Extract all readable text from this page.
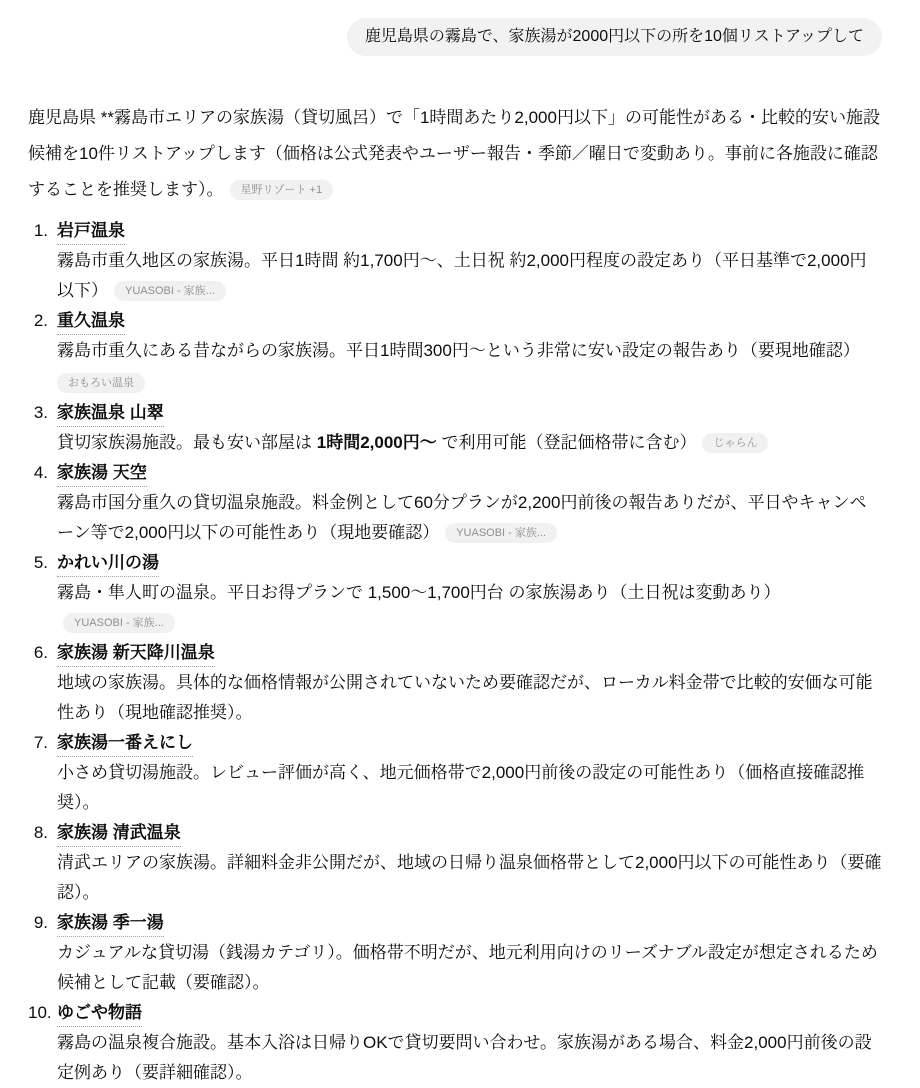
鹿児島県の霧島で、家族湯が2000円以下の所を10個リストアップして

鹿児島県 **霧島市エリアの家族湯（貸切風呂）で「1時間あたり2,000円以下」の可能性がある・比較的安い施設候補を10件リストアップします（価格は公式発表やユーザー報告・季節／曜日で変動あり。事前に各施設に確認することを推奨します）。 星野リゾート +1

1. 岩戸温泉
霧島市重久地区の家族湯。平日1時間 約1,700円〜、土日祝 約2,000円程度の設定あり（平日基準で2,000円以下） YUASOBI - 家族...
2. 重久温泉
霧島市重久にある昔ながらの家族湯。平日1時間300円〜という非常に安い設定の報告あり（要現地確認）
おもろい温泉
3. 家族温泉 山翠
貸切家族湯施設。最も安い部屋は 1時間2,000円〜 で利用可能（登記価格帯に含む） じゃらん
4. 家族湯 天空
霧島市国分重久の貸切温泉施設。料金例として60分プランが2,200円前後の報告ありだが、平日やキャンペーン等で2,000円以下の可能性あり（現地要確認） YUASOBI - 家族...
5. かれい川の湯
霧島・隼人町の温泉。平日お得プランで 1,500〜1,700円台 の家族湯あり（土日祝は変動あり）YUASOBI - 家族...
6. 家族湯 新天降川温泉
地域の家族湯。具体的な価格情報が公開されていないため要確認だが、ローカル料金帯で比較的安価な可能性あり（現地確認推奨）。
7. 家族湯一番えにし
小さめ貸切湯施設。レビュー評価が高く、地元価格帯で2,000円前後の設定の可能性あり（価格直接確認推奨）。
8. 家族湯 清武温泉
清武エリアの家族湯。詳細料金非公開だが、地域の日帰り温泉価格帯として2,000円以下の可能性あり（要確認）。
9. 家族湯 季一湯
カジュアルな貸切湯（銭湯カテゴリ）。価格帯不明だが、地元利用向けのリーズナブル設定が想定されるため候補として記載（要確認）。
10. ゆごや物語
霧島の温泉複合施設。基本入浴は日帰りOKで貸切要問い合わせ。家族湯がある場合、料金2,000円前後の設定例あり（要詳細確認）。
